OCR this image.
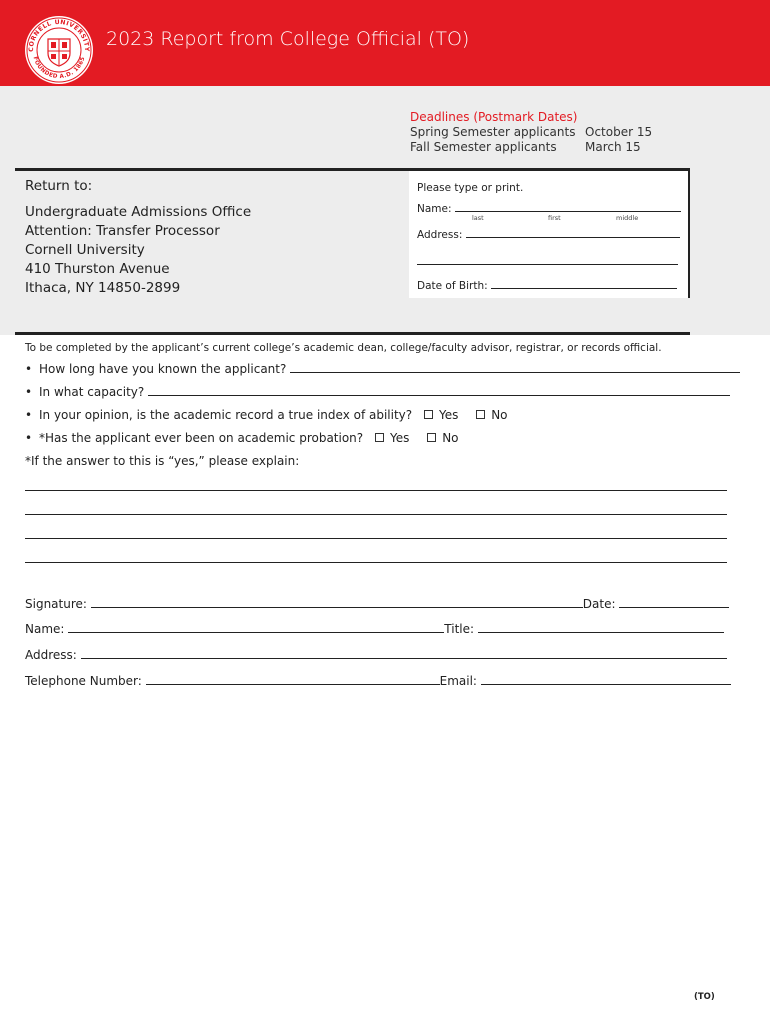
CORNELL UNIVERSITY
FOUNDED A.D. 1865
2023 Report from College Official (TO)
Deadlines (Postmark Dates)
Spring Semester applicants October 15
Fall Semester applicants March 15
Return to:
Undergraduate Admissions Office
Attention: Transfer Processor
Cornell University
410 Thurston Avenue
Ithaca, NY 14850-2899
Please type or print.
Name:
last	first	middle
Address:
Date of Birth:
To be completed by the applicant’s current college’s academic dean, college/faculty advisor, registrar, or records official.
• How long have you known the applicant?
• In what capacity?
• In your opinion, is the academic record a true index of ability? Yes	No
• *Has the applicant ever been on academic probation? Yes	No
*If the answer to this is “yes,” please explain:
Signature:	Date:
Name:	Title:
Address:
Telephone Number:	Email:
(TO)
